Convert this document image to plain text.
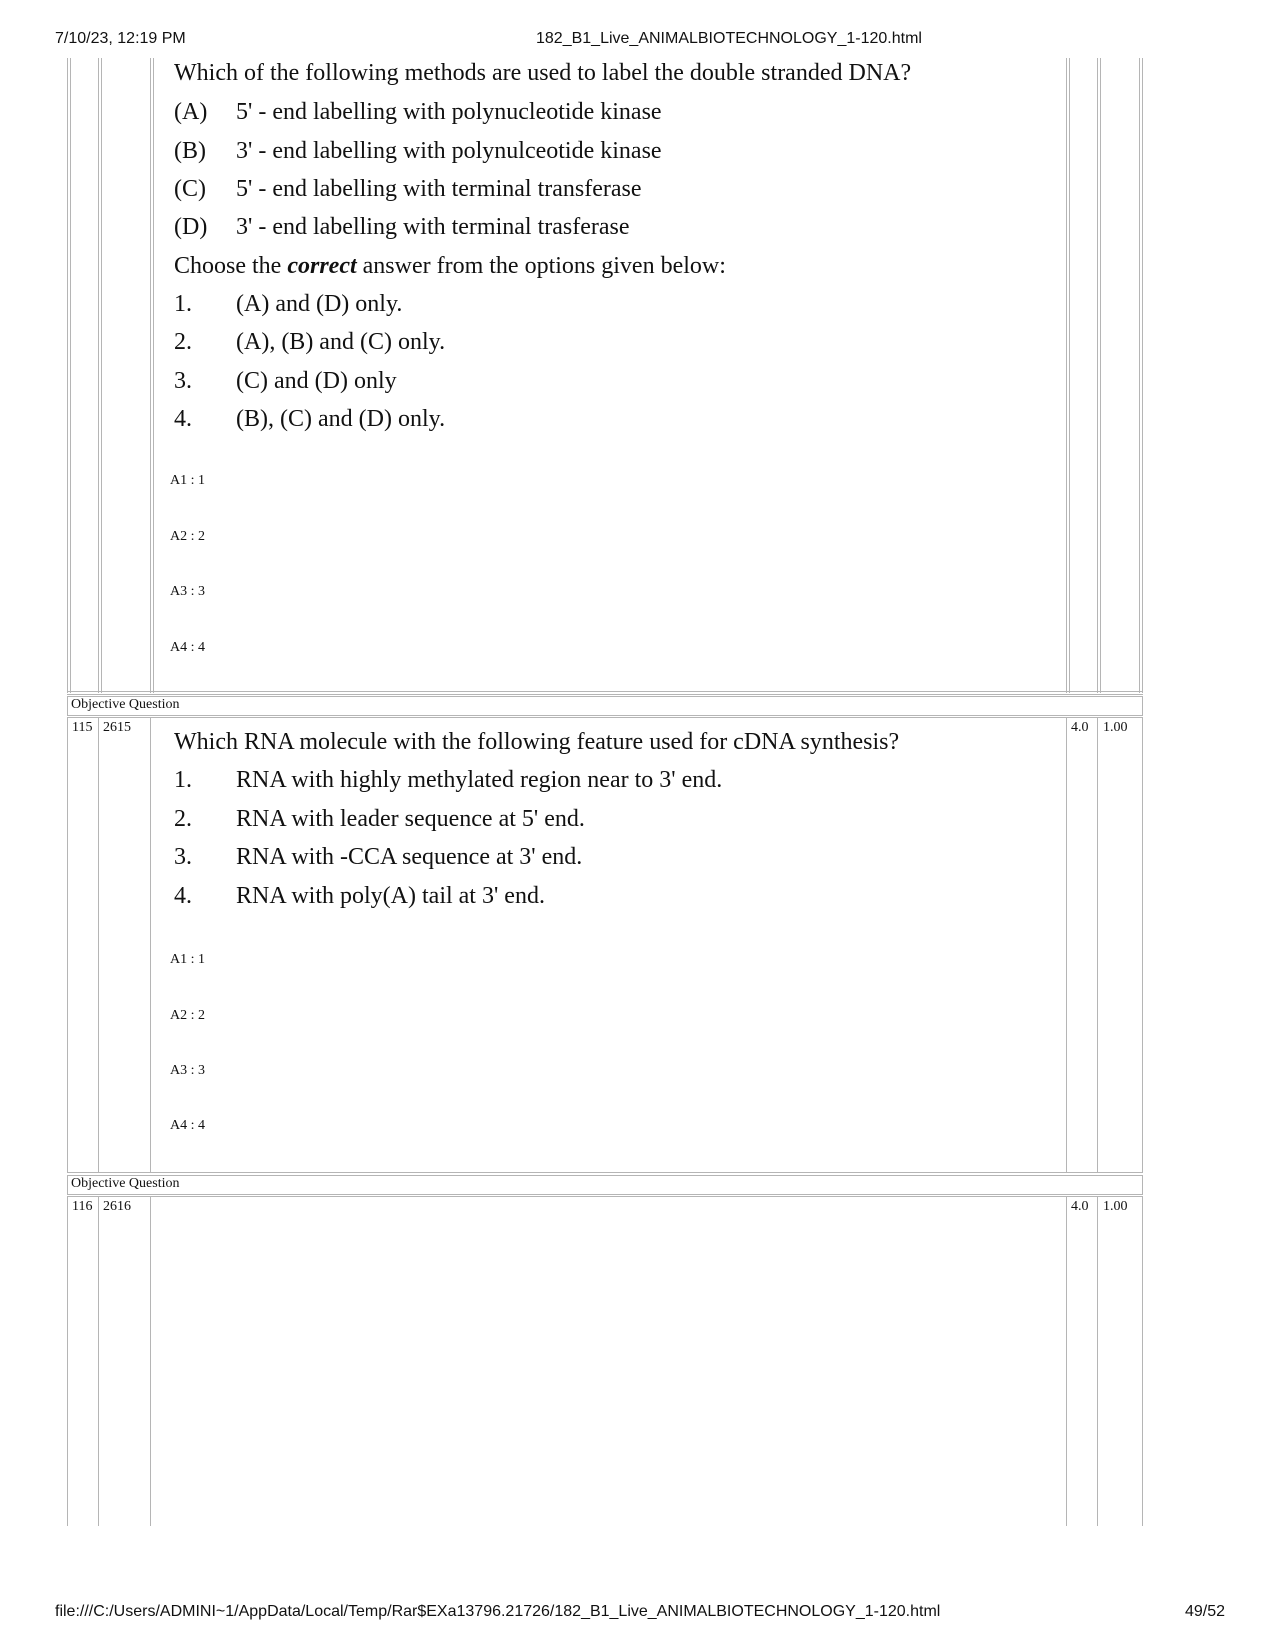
7/10/23, 12:19 PM	182_B1_Live_ANIMALBIOTECHNOLOGY_1-120.html
file:///C:/Users/ADMINI~1/AppData/Local/Temp/Rar$EXa13796.21726/182_B1_Live_ANIMALBIOTECHNOLOGY_1-120.html	49/52
Which of the following methods are used to label the double stranded DNA?
(A) 5' - end labelling with polynucleotide kinase
(B) 3' - end labelling with polynulceotide kinase
(C) 5' - end labelling with terminal transferase
(D) 3' - end labelling with terminal trasferase
Choose the correct answer from the options given below:
1. (A) and (D) only.
2. (A), (B) and (C) only.
3. (C) and (D) only
4. (B), (C) and (D) only.
A1 : 1
A2 : 2
A3 : 3
A4 : 4
Objective Question
115 2615	4.0 1.00
Which RNA molecule with the following feature used for cDNA synthesis?
1. RNA with highly methylated region near to 3' end.
2. RNA with leader sequence at 5' end.
3. RNA with -CCA sequence at 3' end.
4. RNA with poly(A) tail at 3' end.
A1 : 1
A2 : 2
A3 : 3
A4 : 4
Objective Question
116 2616	4.0 1.00
